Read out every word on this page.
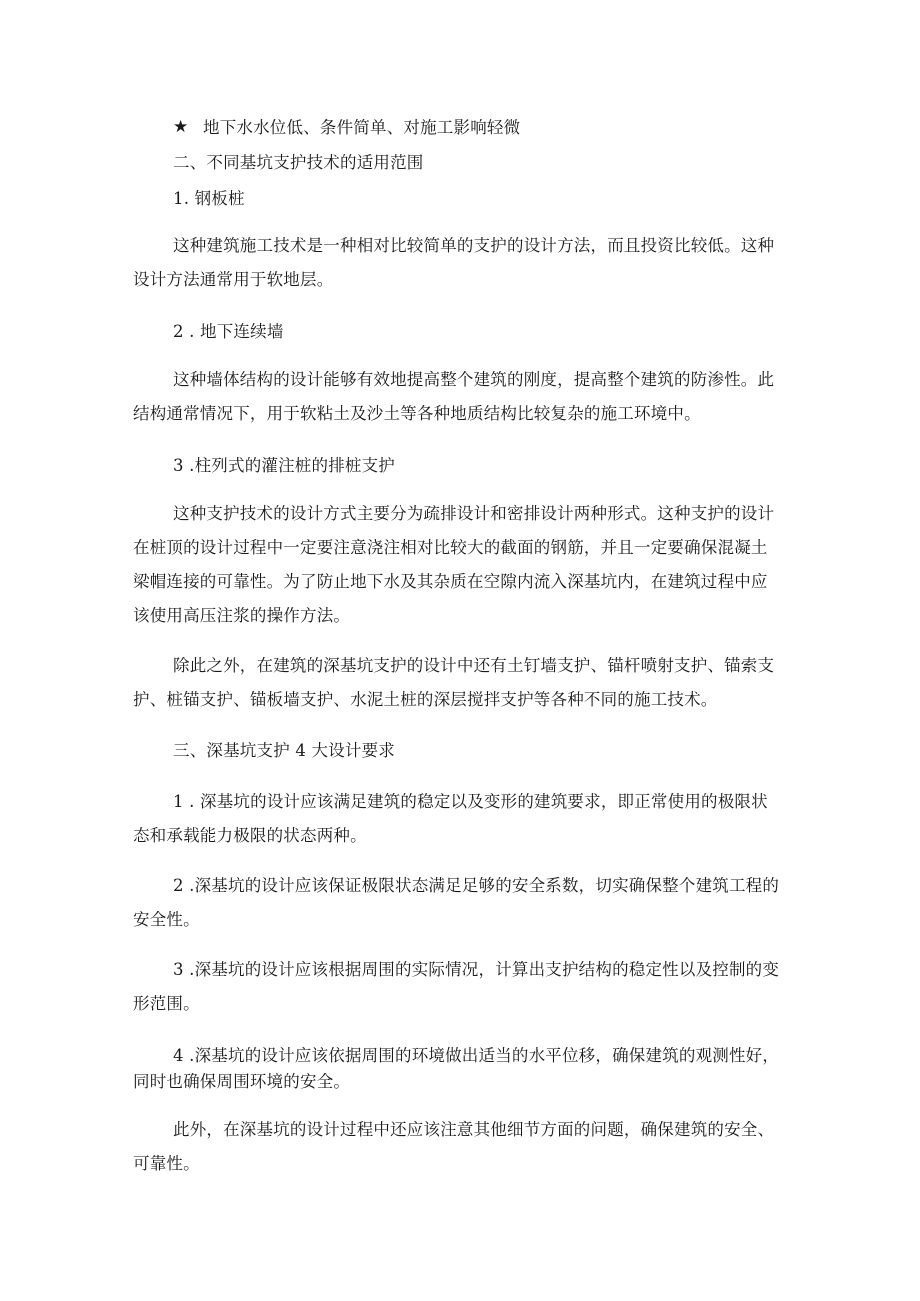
★ 地下水水位低、条件简单、对施工影响轻微
二、不同基坑支护技术的适用范围
1. 钢板桩
这种建筑施工技术是一种相对比较简单的支护的设计方法，而且投资比较低。这种
设计方法通常用于软地层。
2 . 地下连续墙
这种墙体结构的设计能够有效地提高整个建筑的刚度，提高整个建筑的防渗性。此
结构通常情况下，用于软粘土及沙土等各种地质结构比较复杂的施工环境中。
3 .柱列式的灌注桩的排桩支护
这种支护技术的设计方式主要分为疏排设计和密排设计两种形式。这种支护的设计
在桩顶的设计过程中一定要注意浇注相对比较大的截面的钢筋，并且一定要确保混凝土
梁帽连接的可靠性。为了防止地下水及其杂质在空隙内流入深基坑内，在建筑过程中应
该使用高压注浆的操作方法。
除此之外，在建筑的深基坑支护的设计中还有土钉墙支护、锚杆喷射支护、锚索支
护、桩锚支护、锚板墙支护、水泥土桩的深层搅拌支护等各种不同的施工技术。
三、深基坑支护 4 大设计要求
1 . 深基坑的设计应该满足建筑的稳定以及变形的建筑要求，即正常使用的极限状
态和承载能力极限的状态两种。
2 .深基坑的设计应该保证极限状态满足足够的安全系数，切实确保整个建筑工程的
安全性。
3 .深基坑的设计应该根据周围的实际情况，计算出支护结构的稳定性以及控制的变
形范围。
4 .深基坑的设计应该依据周围的环境做出适当的水平位移，确保建筑的观测性好，
同时也确保周围环境的安全。
此外，在深基坑的设计过程中还应该注意其他细节方面的问题，确保建筑的安全、
可靠性。
